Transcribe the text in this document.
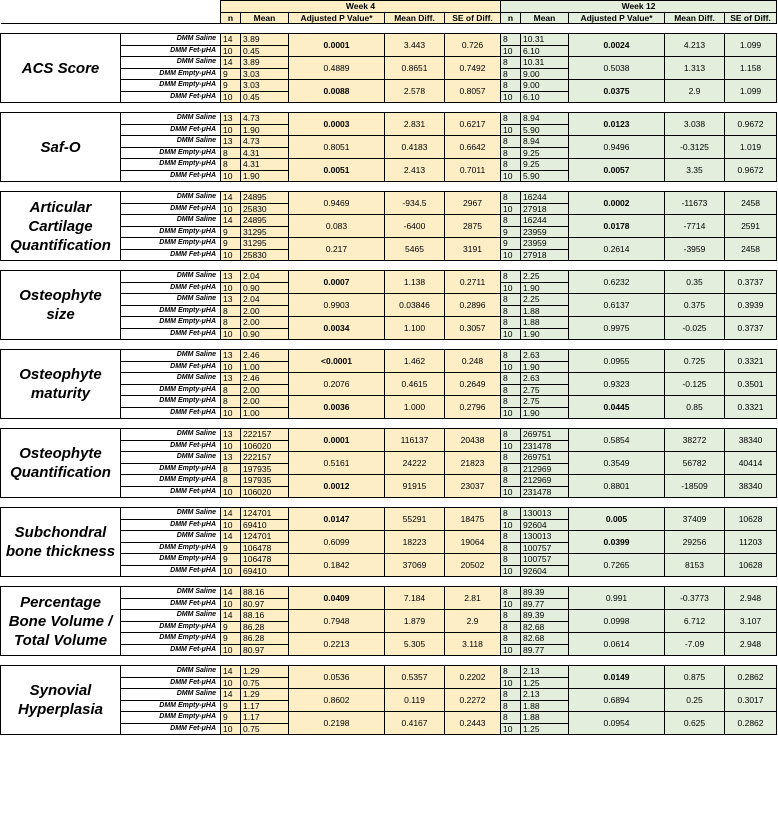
		Week 4					Week 12				
		n	Mean	Adjusted P Value*	Mean Diff.	SE of Diff.	n	Mean	Adjusted P Value*	Mean Diff.	SE of Diff.

ACS Score	DMM Saline	14	3.89	0.0001	3.443	0.726	8	10.31	0.0024	4.213	1.099
	DMM Fet-μHA	10	0.45				10	6.10			
	DMM Saline	14	3.89	0.4889	0.8651	0.7492	8	10.31	0.5038	1.313	1.158
	DMM Empty-μHA	9	3.03				8	9.00			
	DMM Empty-μHA	9	3.03	0.0088	2.578	0.8057	8	9.00	0.0375	2.9	1.099
	DMM Fet-μHA	10	0.45				10	6.10			

Saf-O	DMM Saline	13	4.73	0.0003	2.831	0.6217	8	8.94	0.0123	3.038	0.9672
	DMM Fet-μHA	10	1.90				10	5.90			
	DMM Saline	13	4.73	0.8051	0.4183	0.6642	8	8.94	0.9496	-0.3125	1.019
	DMM Empty-μHA	8	4.31				8	9.25			
	DMM Empty-μHA	8	4.31	0.0051	2.413	0.7011	8	9.25	0.0057	3.35	0.9672
	DMM Fet-μHA	10	1.90				10	5.90			

Articular Cartilage Quantification	DMM Saline	14	24895	0.9469	-934.5	2967	8	16244	0.0002	-11673	2458
	DMM Fet-μHA	10	25830				10	27918			
	DMM Saline	14	24895	0.083	-6400	2875	8	16244	0.0178	-7714	2591
	DMM Empty-μHA	9	31295				9	23959			
	DMM Empty-μHA	9	31295	0.217	5465	3191	9	23959	0.2614	-3959	2458
	DMM Fet-μHA	10	25830				10	27918			

Osteophyte size	DMM Saline	13	2.04	0.0007	1.138	0.2711	8	2.25	0.6232	0.35	0.3737
	DMM Fet-μHA	10	0.90				10	1.90			
	DMM Saline	13	2.04	0.9903	0.03846	0.2896	8	2.25	0.6137	0.375	0.3939
	DMM Empty-μHA	8	2.00				8	1.88			
	DMM Empty-μHA	8	2.00	0.0034	1.100	0.3057	8	1.88	0.9975	-0.025	0.3737
	DMM Fet-μHA	10	0.90				10	1.90			

Osteophyte maturity	DMM Saline	13	2.46	<0.0001	1.462	0.248	8	2.63	0.0955	0.725	0.3321
	DMM Fet-μHA	10	1.00				10	1.90			
	DMM Saline	13	2.46	0.2076	0.4615	0.2649	8	2.63	0.9323	-0.125	0.3501
	DMM Empty-μHA	8	2.00				8	2.75			
	DMM Empty-μHA	8	2.00	0.0036	1.000	0.2796	8	2.75	0.0445	0.85	0.3321
	DMM Fet-μHA	10	1.00				10	1.90			

Osteophyte Quantification	DMM Saline	13	222157	0.0001	116137	20438	8	269751	0.5854	38272	38340
	DMM Fet-μHA	10	106020				10	231478			
	DMM Saline	13	222157	0.5161	24222	21823	8	269751	0.3549	56782	40414
	DMM Empty-μHA	8	197935				8	212969			
	DMM Empty-μHA	8	197935	0.0012	91915	23037	8	212969	0.8801	-18509	38340
	DMM Fet-μHA	10	106020				10	231478			

Subchondral bone thickness	DMM Saline	14	124701	0.0147	55291	18475	8	130013	0.005	37409	10628
	DMM Fet-μHA	10	69410				10	92604			
	DMM Saline	14	124701	0.6099	18223	19064	8	130013	0.0399	29256	11203
	DMM Empty-μHA	9	106478				8	100757			
	DMM Empty-μHA	9	106478	0.1842	37069	20502	8	100757	0.7265	8153	10628
	DMM Fet-μHA	10	69410				10	92604			

Percentage Bone Volume / Total Volume	DMM Saline	14	88.16	0.0409	7.184	2.81	8	89.39	0.991	-0.3773	2.948
	DMM Fet-μHA	10	80.97				10	89.77			
	DMM Saline	14	88.16	0.7948	1.879	2.9	8	89.39	0.0998	6.712	3.107
	DMM Empty-μHA	9	86.28				8	82.68			
	DMM Empty-μHA	9	86.28	0.2213	5.305	3.118	8	82.68	0.0614	-7.09	2.948
	DMM Fet-μHA	10	80.97				10	89.77			

Synovial Hyperplasia	DMM Saline	14	1.29	0.0536	0.5357	0.2202	8	2.13	0.0149	0.875	0.2862
	DMM Fet-μHA	10	0.75				10	1.25			
	DMM Saline	14	1.29	0.8602	0.119	0.2272	8	2.13	0.6894	0.25	0.3017
	DMM Empty-μHA	9	1.17				8	1.88			
	DMM Empty-μHA	9	1.17	0.2198	0.4167	0.2443	8	1.88	0.0954	0.625	0.2862
	DMM Fet-μHA	10	0.75				10	1.25			
